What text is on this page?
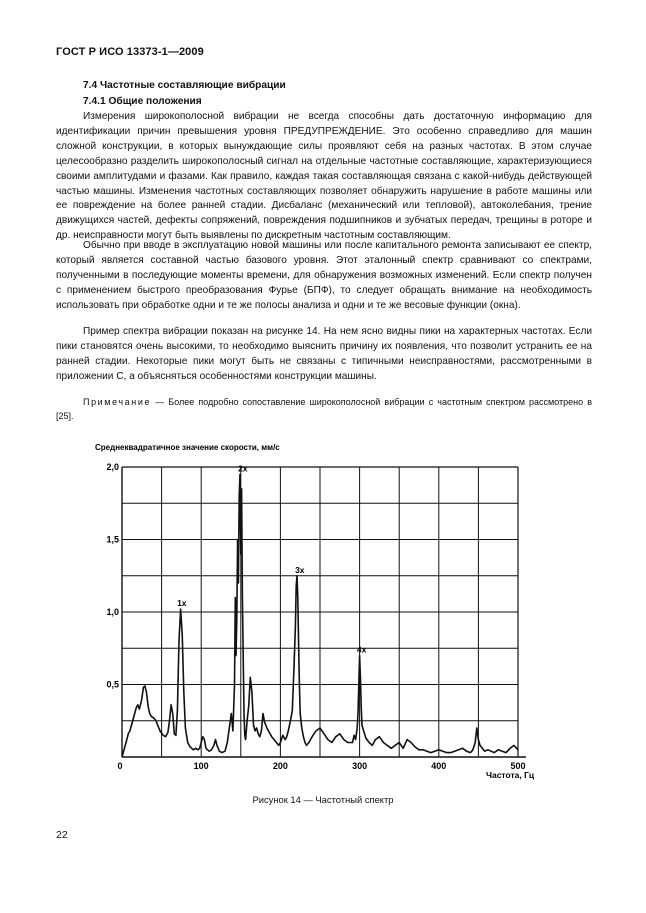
ГОСТ Р ИСО 13373-1—2009
7.4 Частотные составляющие вибрации
7.4.1 Общие положения

Измерения широкополосной вибрации не всегда способны дать достаточную информацию для идентификации причин превышения уровня ПРЕДУПРЕЖДЕНИЕ. Это особенно справедливо для машин сложной конструкции, в которых вынуждающие силы проявляют себя на разных частотах. В этом случае целесообразно разделить широкополосный сигнал на отдельные частотные составляющие, характеризующиеся своими амплитудами и фазами. Как правило, каждая такая составляющая связана с какой-нибудь действующей частью машины. Изменения частотных составляющих позволяет обнаружить нарушение в работе машины или ее повреждение на более ранней стадии. Дисбаланс (механический или тепловой), автоколебания, трение движущихся частей, дефекты сопряжений, повреждения подшипников и зубчатых передач, трещины в роторе и др. неисправности могут быть выявлены по дискретным частотным составляющим.

Обычно при вводе в эксплуатацию новой машины или после капитального ремонта записывают ее спектр, который является составной частью базового уровня. Этот эталонный спектр сравнивают со спектрами, полученными в последующие моменты времени, для обнаружения возможных изменений. Если спектр получен с применением быстрого преобразования Фурье (БПФ), то следует обращать внимание на необходимость использовать при обработке одни и те же полосы анализа и одни и те же весовые функции (окна).

Пример спектра вибрации показан на рисунке 14. На нем ясно видны пики на характерных частотах. Если пики становятся очень высокими, то необходимо выяснить причину их появления, что позволит устранить ее на ранней стадии. Некоторые пики могут быть не связаны с типичными неисправностями, рассмотренными в приложении С, а объясняться особенностями конструкции машины.

Примечание — Более подробно сопоставление широкополосной вибрации с частотным спектром рассмотрено в [25].
Среднеквадратичное значение скорости, мм/с
Частота, Гц
0,5
1,0
1,5
2,0
0	100	200	300	400	500
1x
2x
3x
4x
Рисунок 14 — Частотный спектр
22
